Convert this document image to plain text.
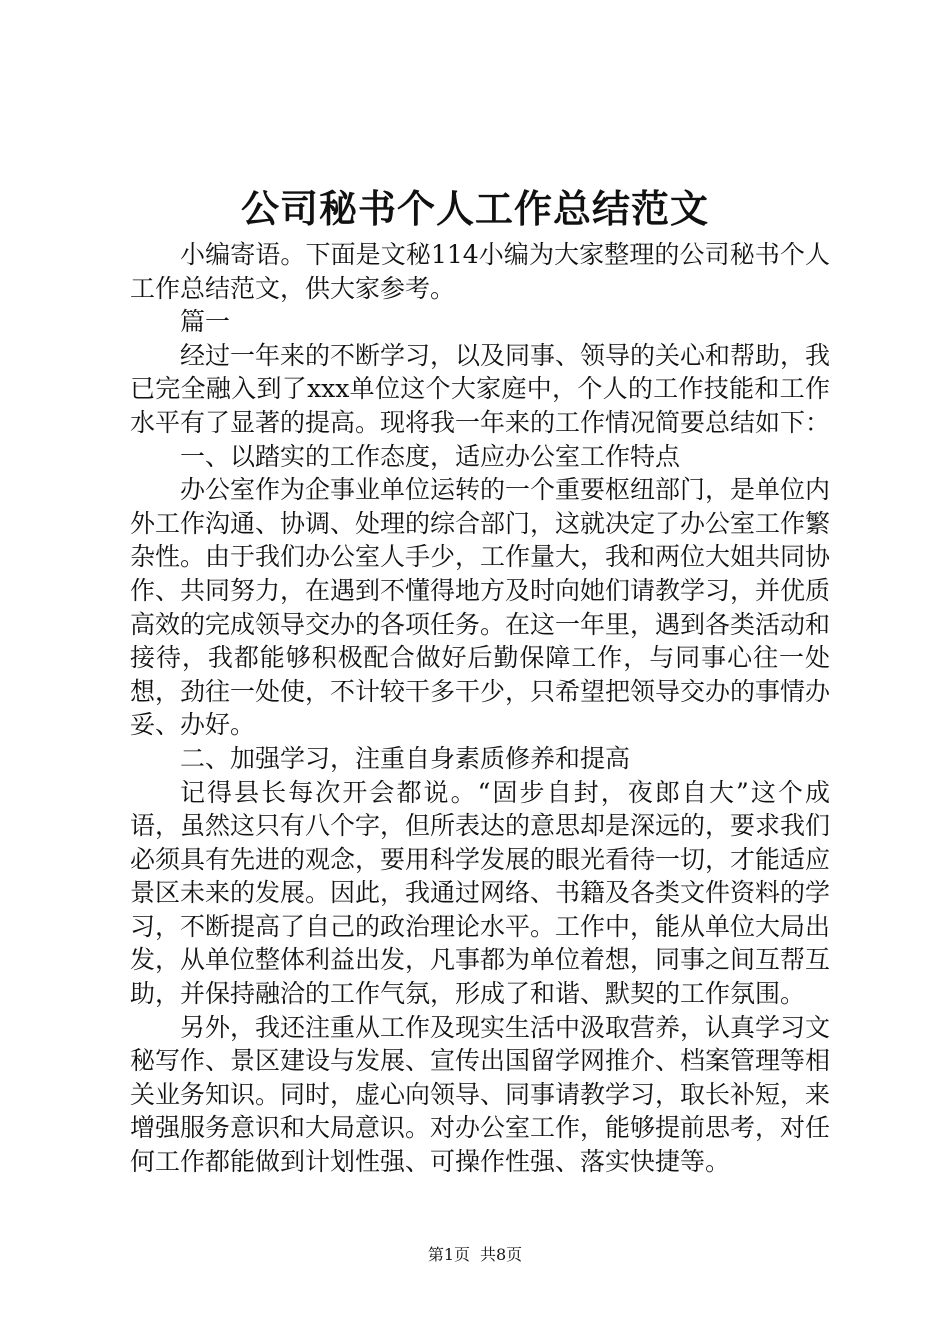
公司秘书个人工作总结范文

小编寄语。下面是文秘114小编为大家整理的公司秘书个人工作总结范文，供大家参考。

篇一

经过一年来的不断学习，以及同事、领导的关心和帮助，我已完全融入到了xxx单位这个大家庭中，个人的工作技能和工作水平有了显著的提高。现将我一年来的工作情况简要总结如下：

一、以踏实的工作态度，适应办公室工作特点

办公室作为企事业单位运转的一个重要枢纽部门，是单位内外工作沟通、协调、处理的综合部门，这就决定了办公室工作繁杂性。由于我们办公室人手少，工作量大，我和两位大姐共同协作、共同努力，在遇到不懂得地方及时向她们请教学习，并优质高效的完成领导交办的各项任务。在这一年里，遇到各类活动和接待，我都能够积极配合做好后勤保障工作，与同事心往一处想，劲往一处使，不计较干多干少，只希望把领导交办的事情办妥、办好。

二、加强学习，注重自身素质修养和提高

记得县长每次开会都说。“固步自封，夜郎自大”这个成语，虽然这只有八个字，但所表达的意思却是深远的，要求我们必须具有先进的观念，要用科学发展的眼光看待一切，才能适应景区未来的发展。因此，我通过网络、书籍及各类文件资料的学习，不断提高了自己的政治理论水平。工作中，能从单位大局出发，从单位整体利益出发，凡事都为单位着想，同事之间互帮互助，并保持融洽的工作气氛，形成了和谐、默契的工作氛围。

另外，我还注重从工作及现实生活中汲取营养，认真学习文秘写作、景区建设与发展、宣传出国留学网推介、档案管理等相关业务知识。同时，虚心向领导、同事请教学习，取长补短，来增强服务意识和大局意识。对办公室工作，能够提前思考，对任何工作都能做到计划性强、可操作性强、落实快捷等。

第1页 共8页
